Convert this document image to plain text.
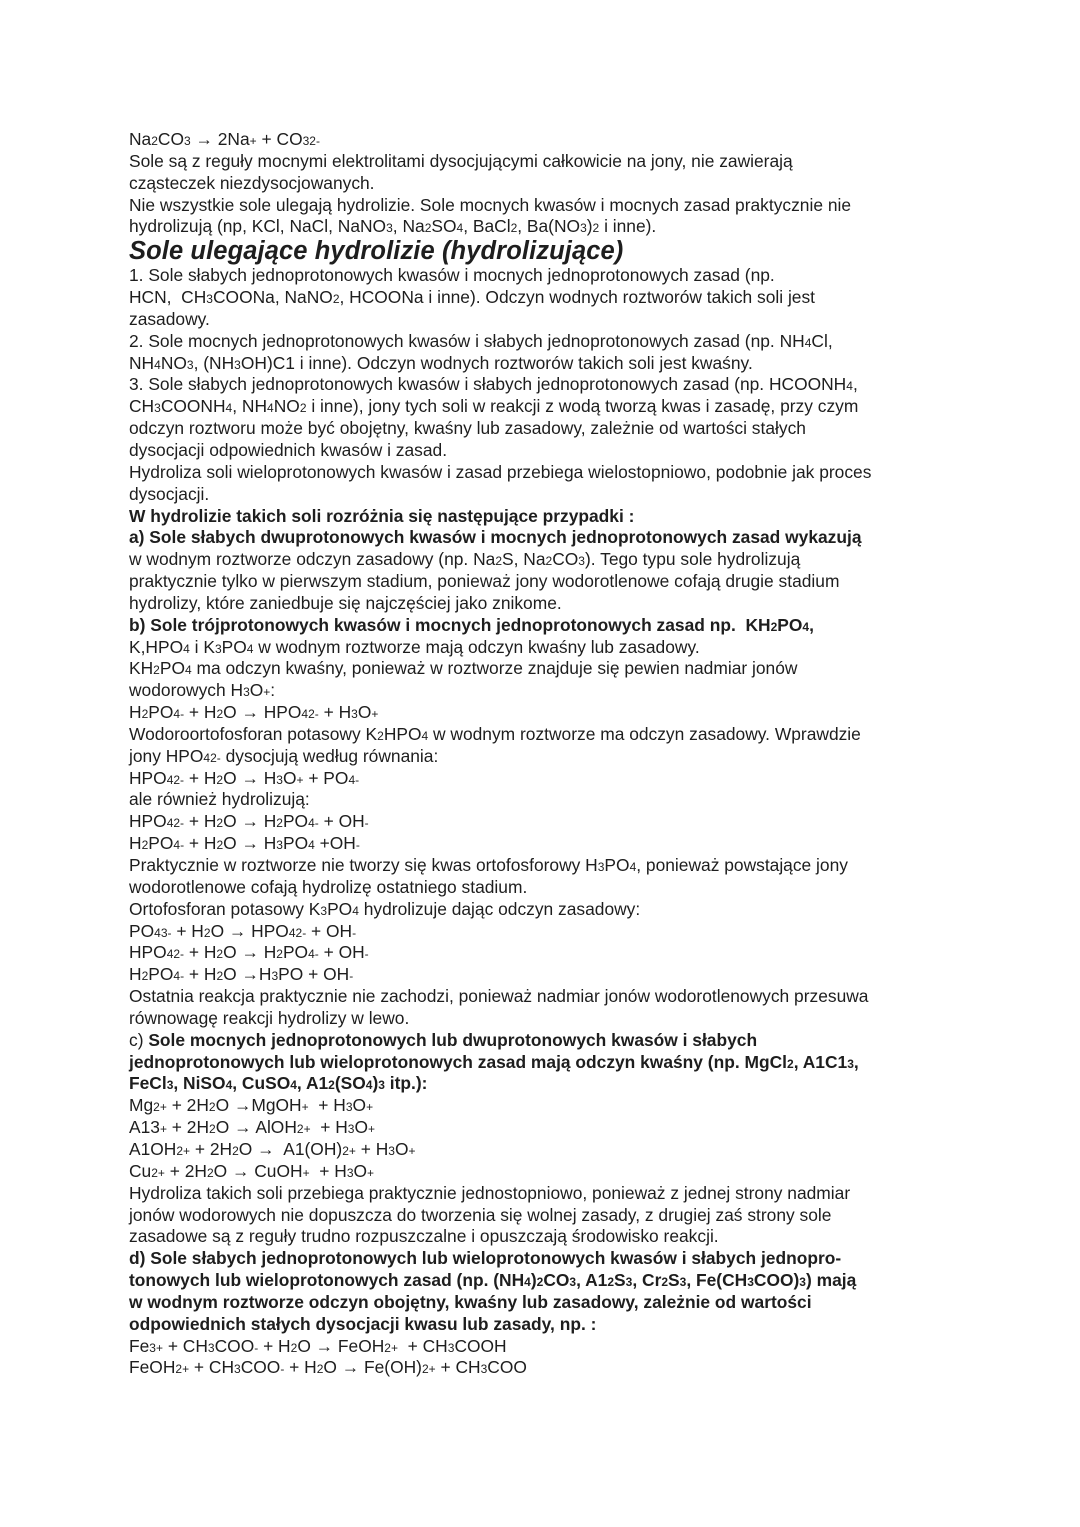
Na2CO3 → 2Na+ + CO32-
Sole są z reguły mocnymi elektrolitami dysocjującymi całkowicie na jony, nie zawierają
cząsteczek niezdysocjowanych.
Nie wszystkie sole ulegają hydrolizie. Sole mocnych kwasów i mocnych zasad praktycznie nie
hydrolizują (np, KCl, NaCl, NaNO3, Na2SO4, BaCl2, Ba(NO3)2 i inne).
Sole ulegające hydrolizie (hydrolizujące)
1. Sole słabych jednoprotonowych kwasów i mocnych jednoprotonowych zasad (np.
HCN,  CH3COONa, NaNO2, HCOONa i inne). Odczyn wodnych roztworów takich soli jest
zasadowy.
2. Sole mocnych jednoprotonowych kwasów i słabych jednoprotonowych zasad (np. NH4Cl,
NH4NO3, (NH3OH)C1 i inne). Odczyn wodnych roztworów takich soli jest kwaśny.
3. Sole słabych jednoprotonowych kwasów i słabych jednoprotonowych zasad (np. HCOONH4,
CH3COONH4, NH4NO2 i inne), jony tych soli w reakcji z wodą tworzą kwas i zasadę, przy czym
odczyn roztworu może być obojętny, kwaśny lub zasadowy, zależnie od wartości stałych
dysocjacji odpowiednich kwasów i zasad.
Hydroliza soli wieloprotonowych kwasów i zasad przebiega wielostopniowo, podobnie jak proces
dysocjacji.
W hydrolizie takich soli rozróżnia się następujące przypadki :
a) Sole słabych dwuprotonowych kwasów i mocnych jednoprotonowych zasad wykazują
w wodnym roztworze odczyn zasadowy (np. Na2S, Na2CO3). Tego typu sole hydrolizują
praktycznie tylko w pierwszym stadium, ponieważ jony wodorotlenowe cofają drugie stadium
hydrolizy, które zaniedbuje się najczęściej jako znikome.
b) Sole trójprotonowych kwasów i mocnych jednoprotonowych zasad np.  KH2PO4,
K,HPO4 i K3PO4 w wodnym roztworze mają odczyn kwaśny lub zasadowy.
KH2PO4 ma odczyn kwaśny, ponieważ w roztworze znajduje się pewien nadmiar jonów
wodorowych H3O+:
H2PO4- + H2O → HPO42- + H3O+
Wodoroortofosforan potasowy K2HPO4 w wodnym roztworze ma odczyn zasadowy. Wprawdzie
jony HPO42- dysocjują według równania:
HPO42- + H2O → H3O+ + PO4-
ale również hydrolizują:
HPO42- + H2O → H2PO4- + OH-
H2PO4- + H2O → H3PO4 +OH-
Praktycznie w roztworze nie tworzy się kwas ortofosforowy H3PO4, ponieważ powstające jony
wodorotlenowe cofają hydrolizę ostatniego stadium.
Ortofosforan potasowy K3PO4 hydrolizuje dając odczyn zasadowy:
PO43- + H2O → HPO42- + OH-
HPO42- + H2O → H2PO4- + OH-
H2PO4- + H2O →H3PO + OH-
Ostatnia reakcja praktycznie nie zachodzi, ponieważ nadmiar jonów wodorotlenowych przesuwa
równowagę reakcji hydrolizy w lewo.
c) Sole mocnych jednoprotonowych lub dwuprotonowych kwasów i słabych
jednoprotonowych lub wieloprotonowych zasad mają odczyn kwaśny (np. MgCl2, A1C13,
FeCl3, NiSO4, CuSO4, A12(SO4)3 itp.):
Mg2+ + 2H2O →MgOH+  + H3O+
A13+ + 2H2O → AlOH2+  + H3O+
A1OH2+ + 2H2O →  A1(OH)2+ + H3O+
Cu2+ + 2H2O → CuOH+  + H3O+
Hydroliza takich soli przebiega praktycznie jednostopniowo, ponieważ z jednej strony nadmiar
jonów wodorowych nie dopuszcza do tworzenia się wolnej zasady, z drugiej zaś strony sole
zasadowe są z reguły trudno rozpuszczalne i opuszczają środowisko reakcji.
d) Sole słabych jednoprotonowych lub wieloprotonowych kwasów i słabych jednopro-
tonowych lub wieloprotonowych zasad (np. (NH4)2CO3, A12S3, Cr2S3, Fe(CH3COO)3) mają
w wodnym roztworze odczyn obojętny, kwaśny lub zasadowy, zależnie od wartości
odpowiednich stałych dysocjacji kwasu lub zasady, np. :
Fe3+ + CH3COO- + H2O → FeOH2+  + CH3COOH
FeOH2+ + CH3COO- + H2O → Fe(OH)2+ + CH3COO
